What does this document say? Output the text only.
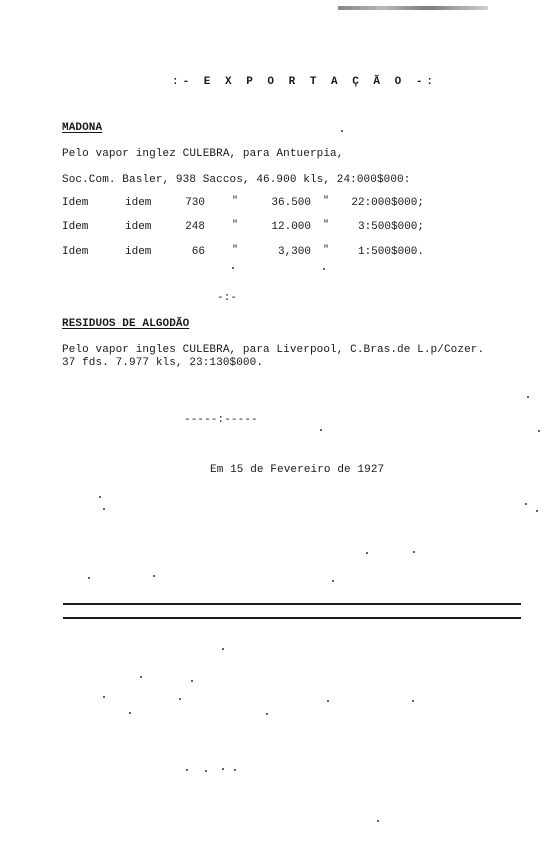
:- E X P O R T A Ç Ã O -:
MADONA
Pelo vapor inglez CULEBRA, para Antuerpia,
Soc.Com. Basler, 938 Saccos, 46.900 kls, 24:000$000:
Idem	idem	730	"	36.500 "	22:000$000;
Idem	idem	248	"	12.000 "	3:500$000;
Idem	idem	66	"	3,300 "	1:500$000.
-:-
RESIDUOS DE ALGODÃO
Pelo vapor ingles CULEBRA, para Liverpool, C.Bras.de L.p/Cozer.
37 fds. 7.977 kls, 23:130$000.
-----:-----
Em 15 de Fevereiro de 1927
